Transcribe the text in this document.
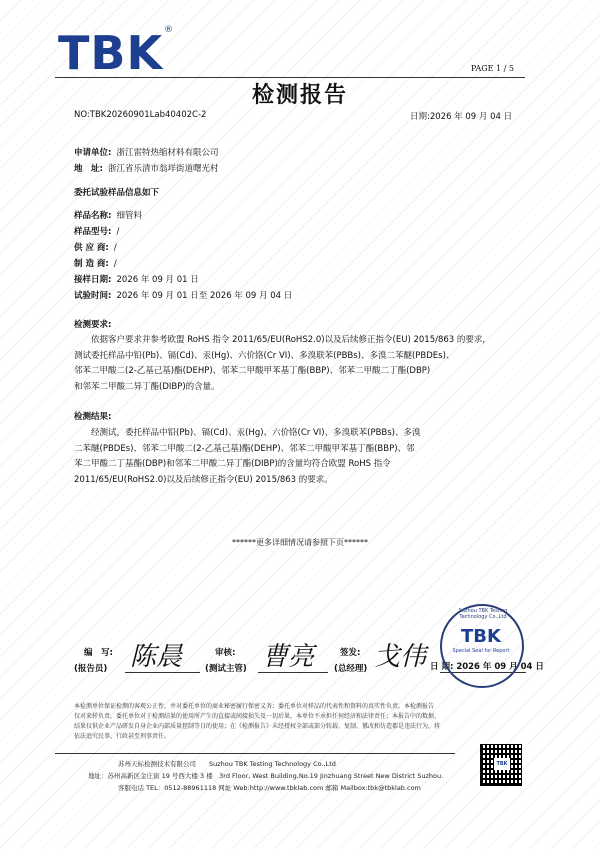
TBK ®
PAGE 1 / 5
检测报告
NO:TBK20260901Lab40402C-2	日期:2026 年 09 月 04 日
申请单位: 浙江雷特热缩材料有限公司
地　址: 浙江省乐清市翁垟街道曙光村
委托试验样品信息如下
样品名称: 细管料
样品型号: /
供 应 商: /
制 造 商: /
接样日期: 2026 年 09 月 01 日
试验时间: 2026 年 09 月 01 日至 2026 年 09 月 04 日
检测要求:
　　依据客户要求并参考欧盟 RoHS 指令 2011/65/EU(RoHS2.0)以及后续修正指令(EU) 2015/863 的要求，
测试委托样品中铅(Pb)、镉(Cd)、汞(Hg)、六价铬(Cr VI)、多溴联苯(PBBs)、多溴二苯醚(PBDEs)、
邻苯二甲酸二(2-乙基己基)酯(DEHP)、邻苯二甲酸甲苯基丁酯(BBP)、邻苯二甲酸二丁酯(DBP)
和邻苯二甲酸二异丁酯(DIBP)的含量。
检测结果:
　　经测试，委托样品中铅(Pb)、镉(Cd)、汞(Hg)、六价铬(Cr VI)、多溴联苯(PBBs)、多溴
二苯醚(PBDEs)、邻苯二甲酸二(2-乙基己基)酯(DEHP)、邻苯二甲酸甲苯基丁酯(BBP)、邻
苯二甲酸二丁基酯(DBP)和邻苯二甲酸二异丁酯(DIBP)的含量均符合欧盟 RoHS 指令
2011/65/EU(RoHS2.0)以及后续修正指令(EU) 2015/863 的要求。
******更多详细情况请参照下页******
编　写:
(报告员) 陈晨	审核:
(测试主管) 曹亮	签发:
(总经理) 戈伟 日 期: 2026 年 09 月 04 日
Suzhou TBK Testing Technology Co.,Ltd
TBK
Special Seal for Report
本检测单位保证检测的客观公正性，并对委托单位的商业秘密履行保密义务；委托单位对样品的代表性和资料的真实性负责。本检测报告
仅对来样负责，委托单位对于检测结果的使用所产生的直接或间接损失及一切后果，本单位不承担任何经济和法律责任；本报告中的数据、
结果仅供企业产品研发自身企业内部质量控制等目的使用；在《检测报告》未经授权全部或部分转载、复制、篡改和仿造都是违法行为，将
依法追究民事、行政甚至刑事责任。
苏州天标检测技术有限公司　　Suzhou TBK Testing Technology Co.,Ltd
地址：苏州高新区金庄街 19 号西大楼 3 楼　3rd Floor, West Building,No.19 Jinzhuang Street New District Suzhou.
客服电话 TEL：0512-88961118 网址 Web:http://www.tbklab.com 邮箱 Mailbox:tbk@tbklab.com
TBK
